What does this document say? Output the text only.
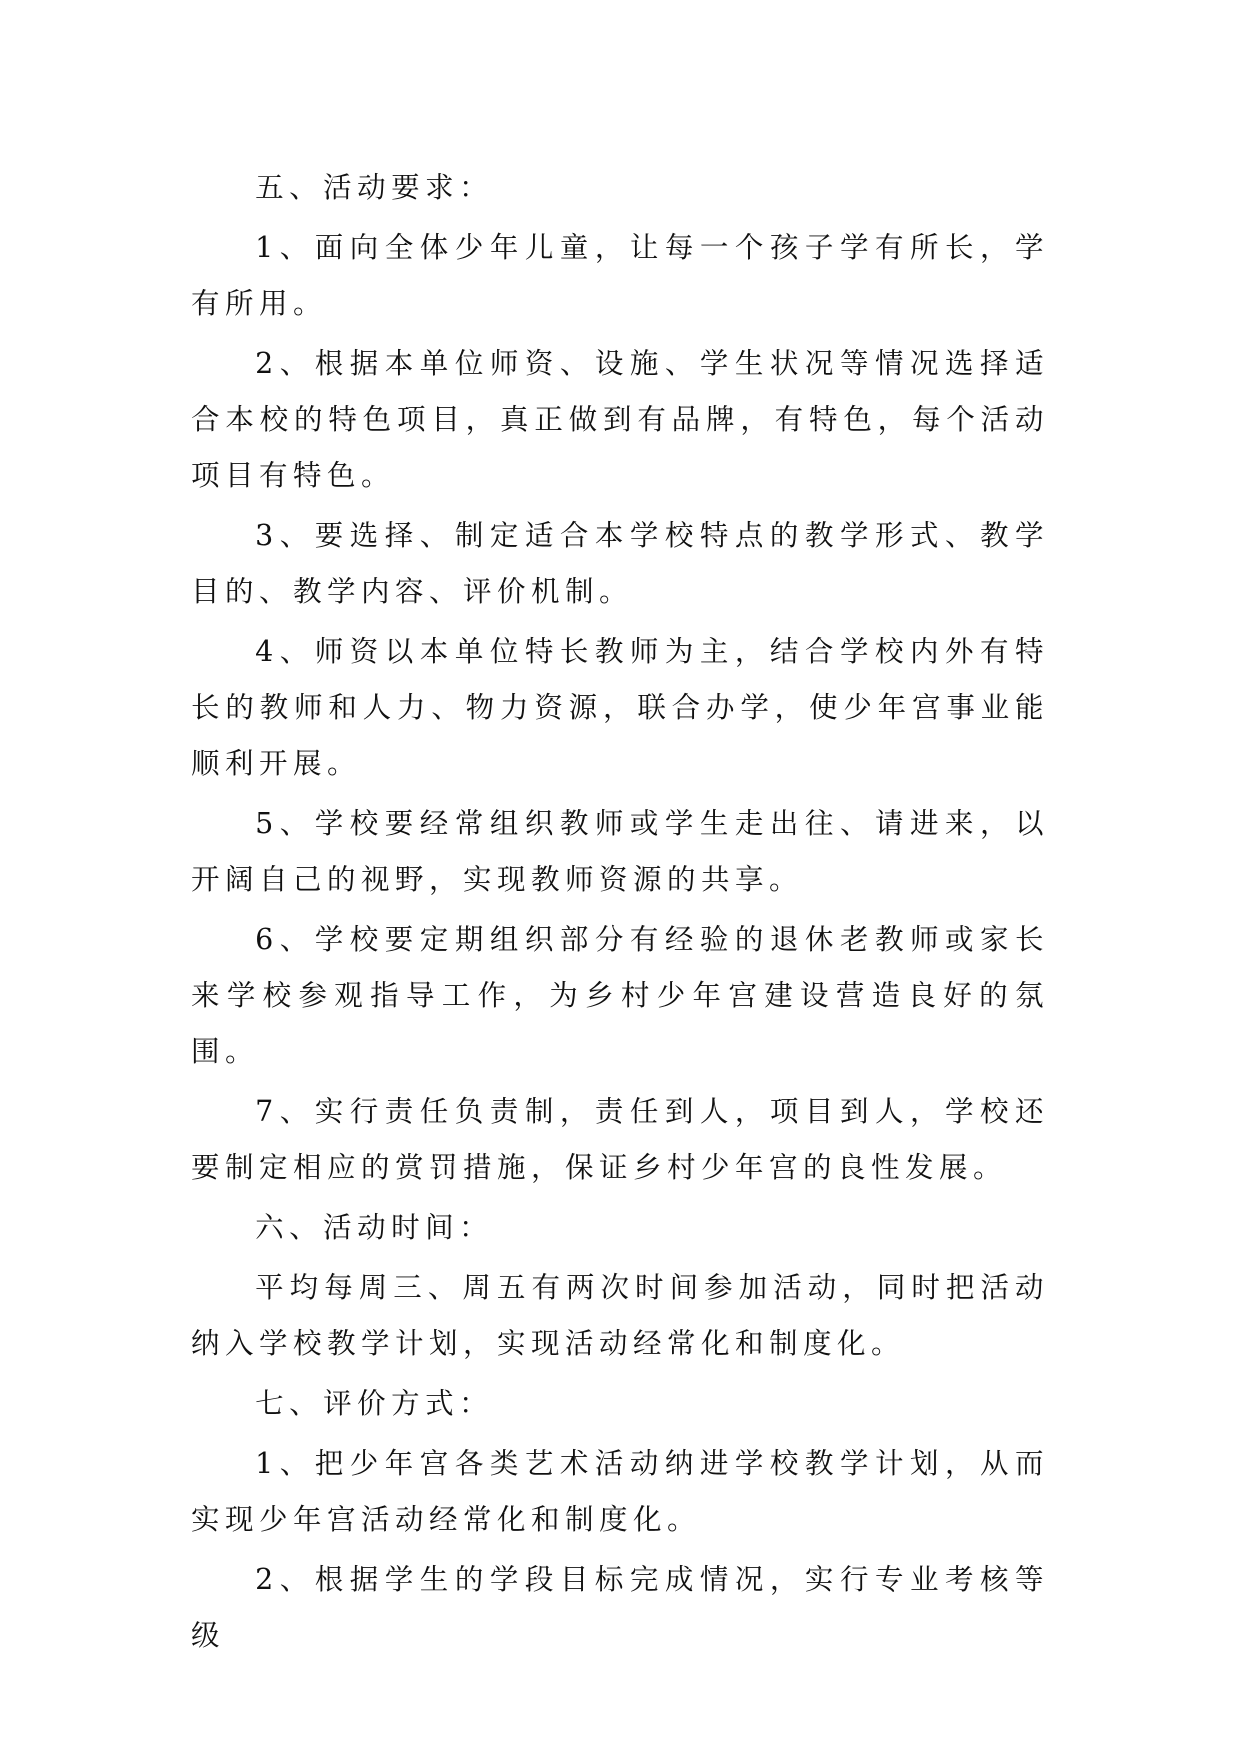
五、活动要求：

1、面向全体少年儿童，让每一个孩子学有所长，学有所用。

2、根据本单位师资、设施、学生状况等情况选择适合本校的特色项目，真正做到有品牌，有特色，每个活动项目有特色。

3、要选择、制定适合本学校特点的教学形式、教学目的、教学内容、评价机制。

4、师资以本单位特长教师为主，结合学校内外有特长的教师和人力、物力资源，联合办学，使少年宫事业能顺利开展。

5、学校要经常组织教师或学生走出往、请进来，以开阔自己的视野，实现教师资源的共享。

6、学校要定期组织部分有经验的退休老教师或家长来学校参观指导工作，为乡村少年宫建设营造良好的氛围。

7、实行责任负责制，责任到人，项目到人，学校还要制定相应的赏罚措施，保证乡村少年宫的良性发展。

六、活动时间：

平均每周三、周五有两次时间参加活动，同时把活动纳入学校教学计划，实现活动经常化和制度化。

七、评价方式：

1、把少年宫各类艺术活动纳进学校教学计划，从而实现少年宫活动经常化和制度化。

2、根据学生的学段目标完成情况，实行专业考核等级
